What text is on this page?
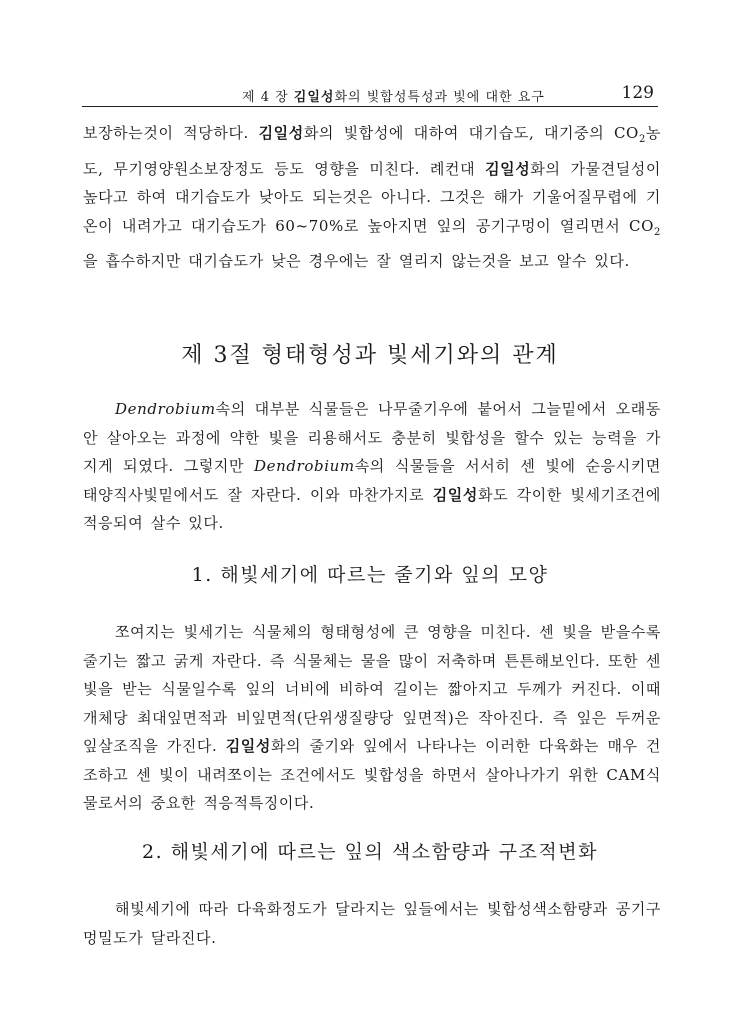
제 4 장 김일성화의 빛합성특성과 빛에 대한 요구	129

보장하는것이 적당하다. 김일성화의 빛합성에 대하여 대기습도, 대기중의 $CO_2$농도, 무기영양원소보장정도 등도 영향을 미친다. 례컨대 김일성화의 가물견딜성이 높다고 하여 대기습도가 낮아도 되는것은 아니다. 그것은 해가 기울어질무렵에 기온이 내려가고 대기습도가 60~70%로 높아지면 잎의 공기구멍이 열리면서 $CO_2$을 흡수하지만 대기습도가 낮은 경우에는 잘 열리지 않는것을 보고 알수 있다.

제 3절 형태형성과 빛세기와의 관계

Dendrobium속의 대부분 식물들은 나무줄기우에 붙어서 그늘밑에서 오래동안 살아오는 과정에 약한 빛을 리용해서도 충분히 빛합성을 할수 있는 능력을 가지게 되였다. 그렇지만 Dendrobium속의 식물들을 서서히 센 빛에 순응시키면 태양직사빛밑에서도 잘 자란다. 이와 마찬가지로 김일성화도 각이한 빛세기조건에 적응되여 살수 있다.

1. 해빛세기에 따르는 줄기와 잎의 모양

쪼여지는 빛세기는 식물체의 형태형성에 큰 영향을 미친다. 센 빛을 받을수록 줄기는 짧고 굵게 자란다. 즉 식물체는 물을 많이 저축하며 튼튼해보인다. 또한 센 빛을 받는 식물일수록 잎의 너비에 비하여 길이는 짧아지고 두께가 커진다. 이때 개체당 최대잎면적과 비잎면적(단위생질량당 잎면적)은 작아진다. 즉 잎은 두꺼운 잎살조직을 가진다. 김일성화의 줄기와 잎에서 나타나는 이러한 다육화는 매우 건조하고 센 빛이 내려쪼이는 조건에서도 빛합성을 하면서 살아나가기 위한 CAM식물로서의 중요한 적응적특징이다.

2. 해빛세기에 따르는 잎의 색소함량과 구조적변화

해빛세기에 따라 다육화정도가 달라지는 잎들에서는 빛합성색소함량과 공기구멍밀도가 달라진다.
